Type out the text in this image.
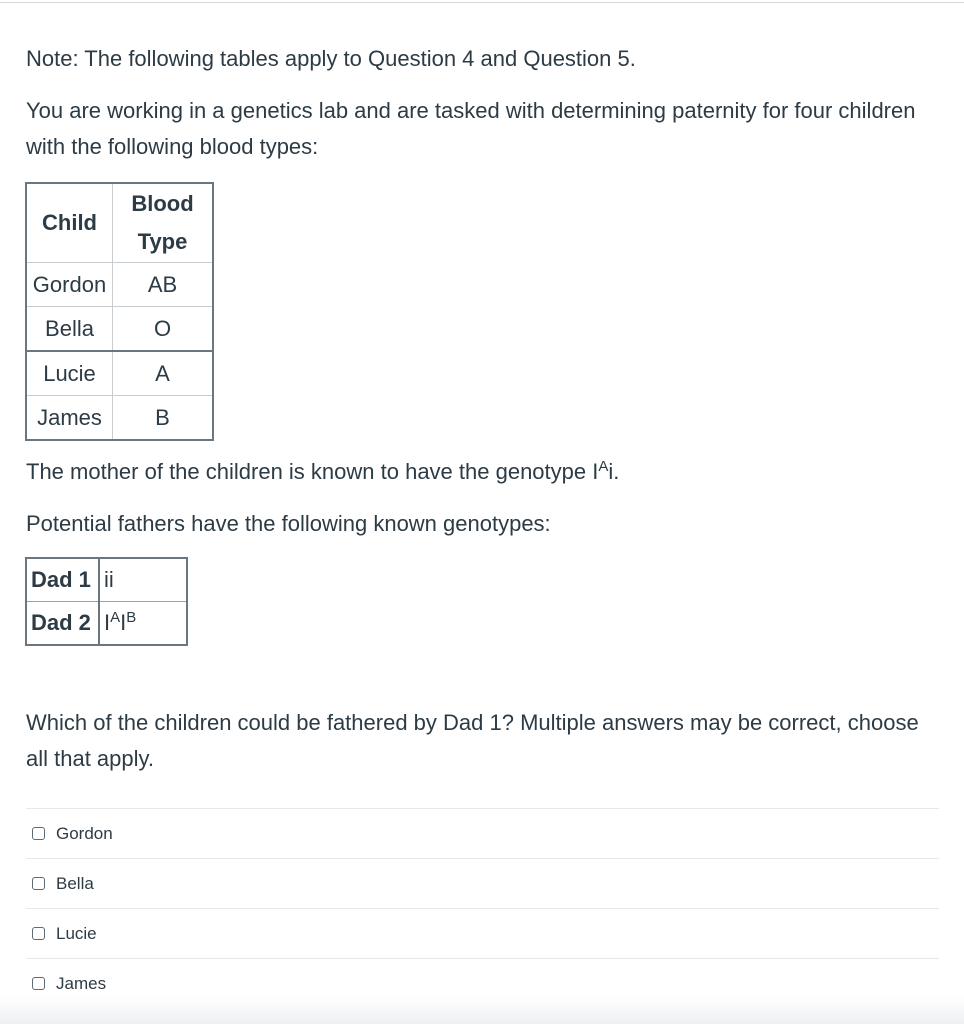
Note: The following tables apply to Question 4 and Question 5.

You are working in a genetics lab and are tasked with determining paternity for four children with the following blood types:

Child	Blood
Type
Gordon	AB
Bella	O
Lucie	A
James	B

The mother of the children is known to have the genotype $I^Ai$.

Potential fathers have the following known genotypes:

Dad 1	ii
Dad 2	$I^AI^B$

Which of the children could be fathered by Dad 1? Multiple answers may be correct, choose all that apply.

Gordon
Bella
Lucie
James
